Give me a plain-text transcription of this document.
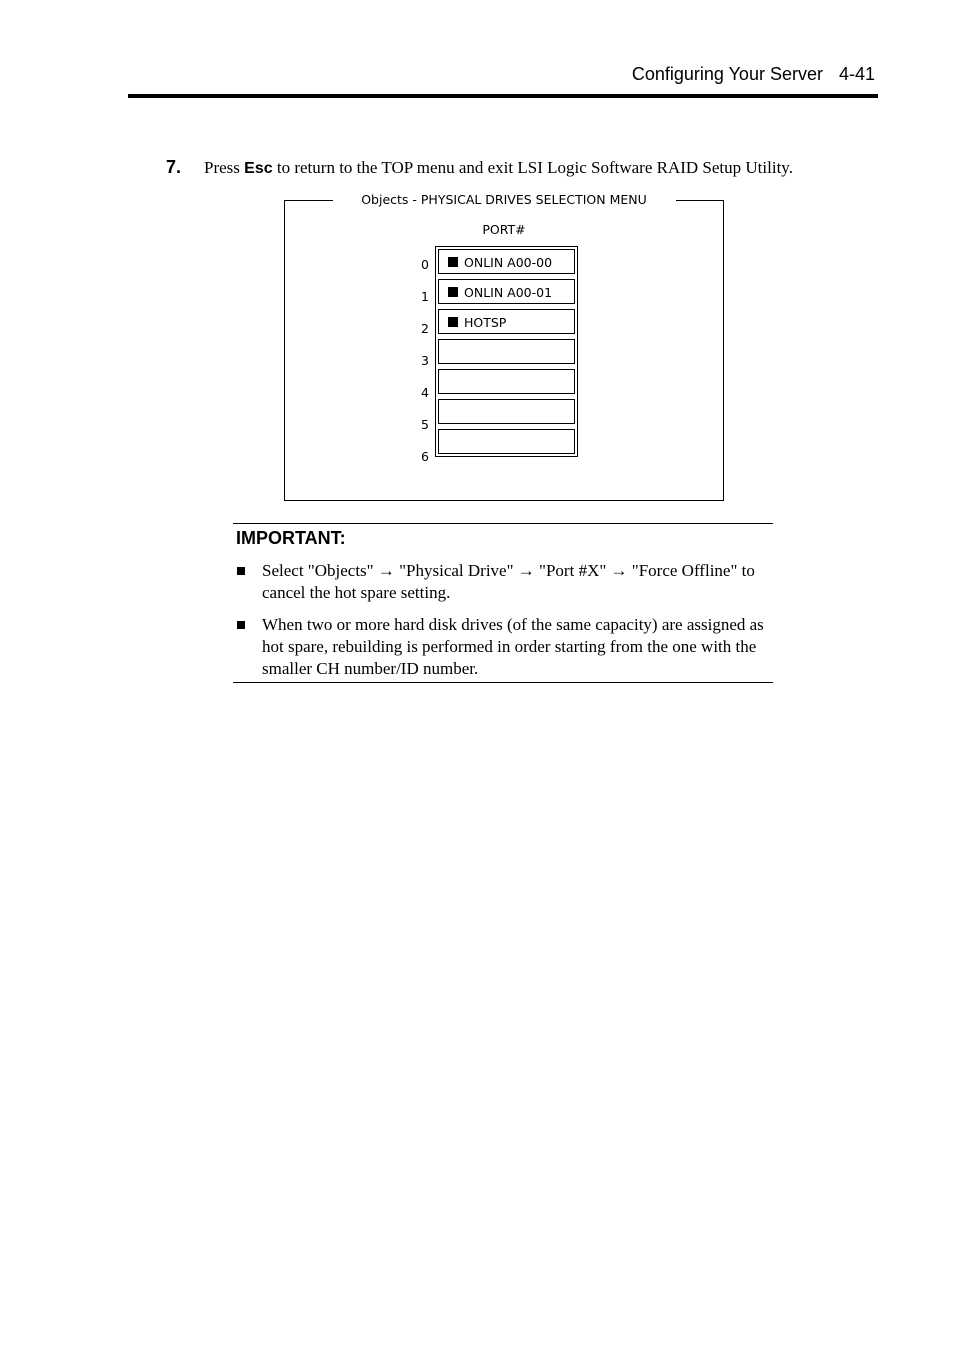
Configuring Your Server 4-41
7. Press Esc to return to the TOP menu and exit LSI Logic Software RAID Setup Utility.
Objects - PHYSICAL DRIVES SELECTION MENU
PORT#
0
1
2
3
4
5
6
ONLIN A00-00
ONLIN A00-01
HOTSP
IMPORTANT:
Select "Objects" → "Physical Drive" → "Port #X" → "Force Offline" to cancel the hot spare setting.
When two or more hard disk drives (of the same capacity) are assigned as hot spare, rebuilding is performed in order starting from the one with the smaller CH number/ID number.
